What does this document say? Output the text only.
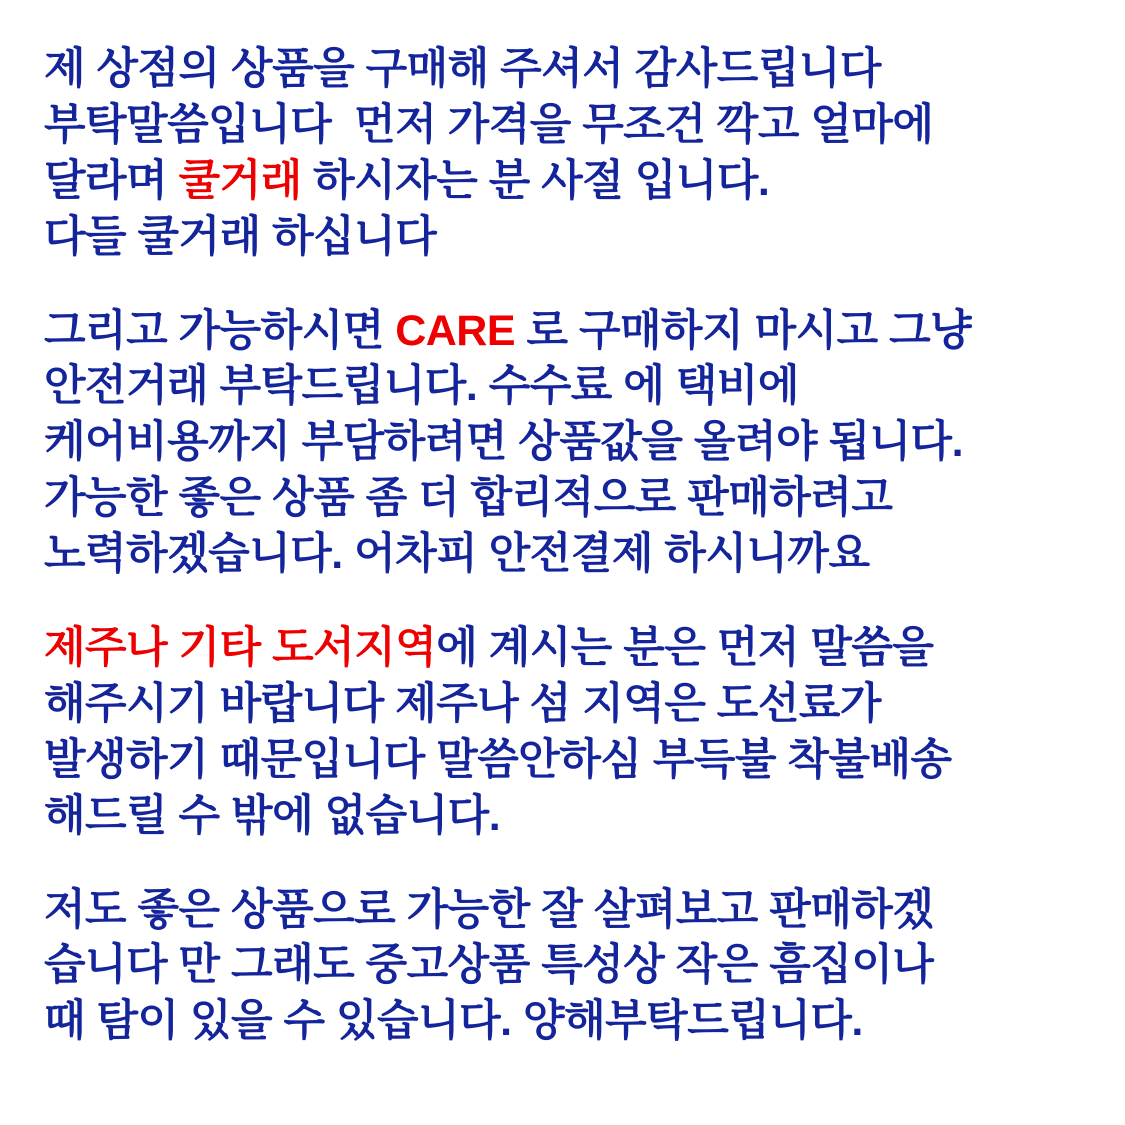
제 상점의 상품을 구매해 주셔서 감사드립니다
부탁말씀입니다  먼저 가격을 무조건 깍고 얼마에
달라며 쿨거래 하시자는 분 사절 입니다.
다들 쿨거래 하십니다
그리고 가능하시면 CARE 로 구매하지 마시고 그냥
안전거래 부탁드립니다. 수수료 에 택비에
케어비용까지 부담하려면 상품값을 올려야 됩니다.
가능한 좋은 상품 좀 더 합리적으로 판매하려고
노력하겠습니다. 어차피 안전결제 하시니까요
제주나 기타 도서지역에 계시는 분은 먼저 말씀을
해주시기 바랍니다 제주나 섬 지역은 도선료가
발생하기 때문입니다 말씀안하심 부득불 착불배송
해드릴 수 밖에 없습니다.
저도 좋은 상품으로 가능한 잘 살펴보고 판매하겠
습니다 만 그래도 중고상품 특성상 작은 흠집이나
때 탐이 있을 수 있습니다. 양해부탁드립니다.
